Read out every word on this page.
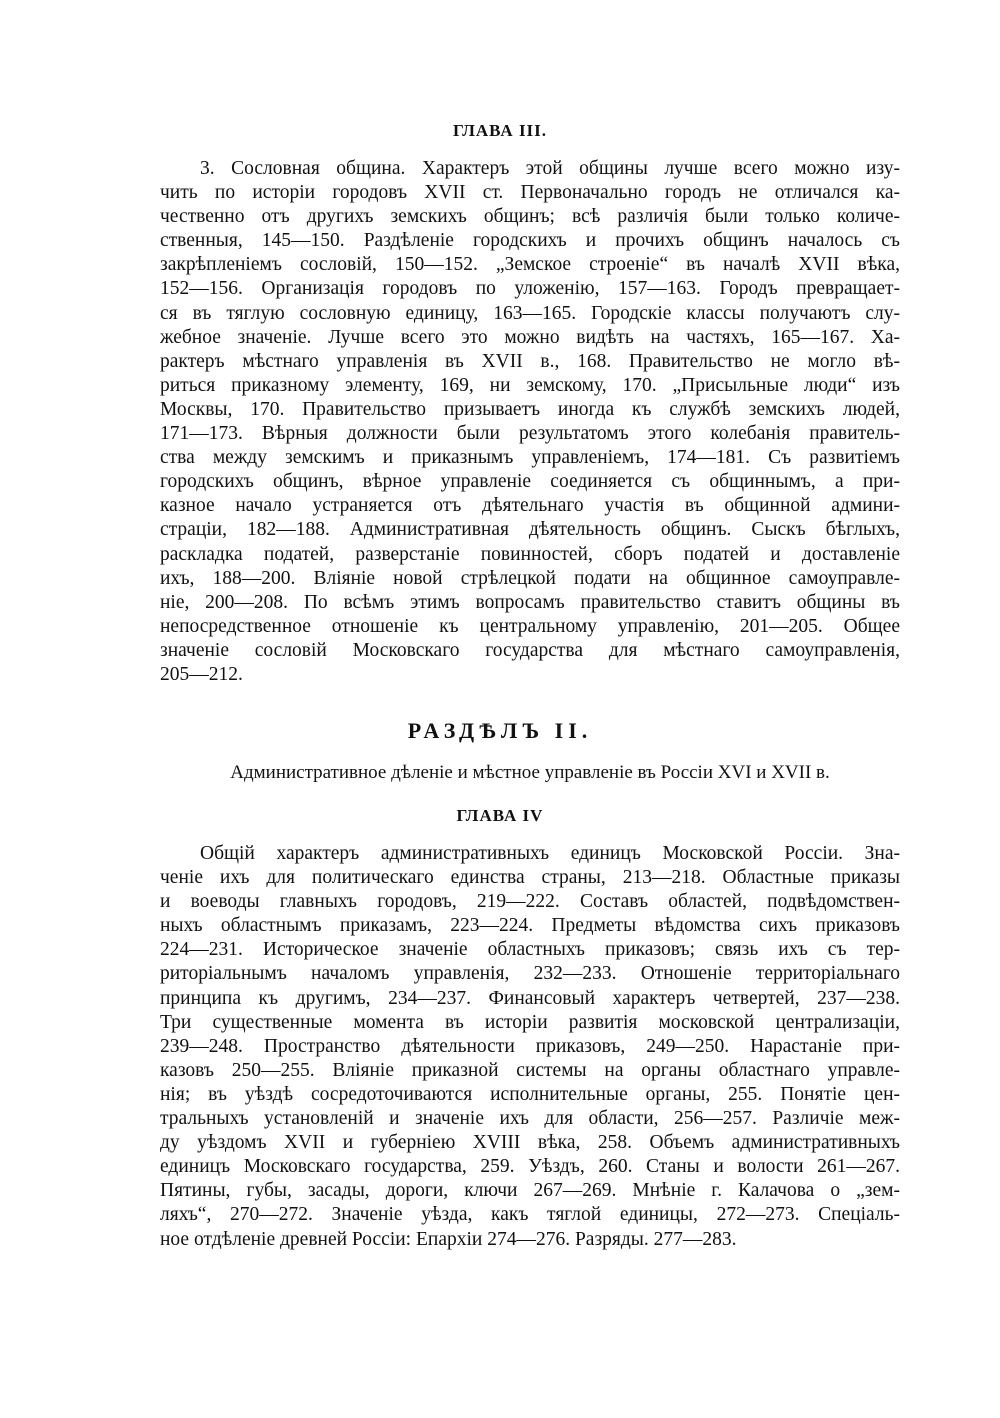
ГЛАВА III.
3. Сословная община. Характеръ этой общины лучше всего можно изу-
чить по исторіи городовъ XVII ст. Первоначально городъ не отличался ка-
чественно отъ другихъ земскихъ общинъ; всѣ различія были только количе-
ственныя, 145—150. Раздѣленіе городскихъ и прочихъ общинъ началось съ
закрѣпленіемъ сословій, 150—152. „Земское строеніе“ въ началѣ XVII вѣка,
152—156. Организація городовъ по уложенію, 157—163. Городъ превращает-
ся въ тяглую сословную единицу, 163—165. Городскіе классы получаютъ слу-
жебное значеніе. Лучше всего это можно видѣть на частяхъ, 165—167. Ха-
рактеръ мѣстнаго управленія въ XVII в., 168. Правительство не могло вѣ-
риться приказному элементу, 169, ни земскому, 170. „Присыльные люди“ изъ
Москвы, 170. Правительство призываетъ иногда къ службѣ земскихъ людей,
171—173. Вѣрныя должности были результатомъ этого колебанія правитель-
ства между земскимъ и приказнымъ управленіемъ, 174—181. Съ развитіемъ
городскихъ общинъ, вѣрное управленіе соединяется съ общиннымъ, а при-
казное начало устраняется отъ дѣятельнаго участія въ общинной админи-
страціи, 182—188. Административная дѣятельность общинъ. Сыскъ бѣглыхъ,
раскладка податей, разверстаніе повинностей, сборъ податей и доставленіе
ихъ, 188—200. Вліяніе новой стрѣлецкой подати на общинное самоуправле-
ніе, 200—208. По всѣмъ этимъ вопросамъ правительство ставитъ общины въ
непосредственное отношеніе къ центральному управленію, 201—205. Общее
значеніе сословій Московскаго государства для мѣстнаго самоуправленія,
205—212.
РАЗДѢЛЪ II.

Административное дѣленіе и мѣстное управленіе въ Россіи XVI и XVII в.

ГЛАВА IV
Общій характеръ административныхъ единицъ Московской Россіи. Зна-
ченіе ихъ для политическаго единства страны, 213—218. Областные приказы
и воеводы главныхъ городовъ, 219—222. Составъ областей, подвѣдомствен-
ныхъ областнымъ приказамъ, 223—224. Предметы вѣдомства сихъ приказовъ
224—231. Историческое значеніе областныхъ приказовъ; связь ихъ съ тер-
риторіальнымъ началомъ управленія, 232—233. Отношеніе территоріальнаго
принципа къ другимъ, 234—237. Финансовый характеръ четвертей, 237—238.
Три существенные момента въ исторіи развитія московской централизаціи,
239—248. Пространство дѣятельности приказовъ, 249—250. Нарастаніе при-
казовъ 250—255. Вліяніе приказной системы на органы областнаго управле-
нія; въ уѣздѣ сосредоточиваются исполнительные органы, 255. Понятіе цен-
тральныхъ установленій и значеніе ихъ для области, 256—257. Различіе меж-
ду уѣздомъ XVII и губерніею XVIII вѣка, 258. Объемъ административныхъ
единицъ Московскаго государства, 259. Уѣздъ, 260. Станы и волости 261—267.
Пятины, губы, засады, дороги, ключи 267—269. Мнѣніе г. Калачова о „зем-
ляхъ“, 270—272. Значеніе уѣзда, какъ тяглой единицы, 272—273. Спеціаль-
ное отдѣленіе древней Россіи: Епархіи 274—276. Разряды. 277—283.
